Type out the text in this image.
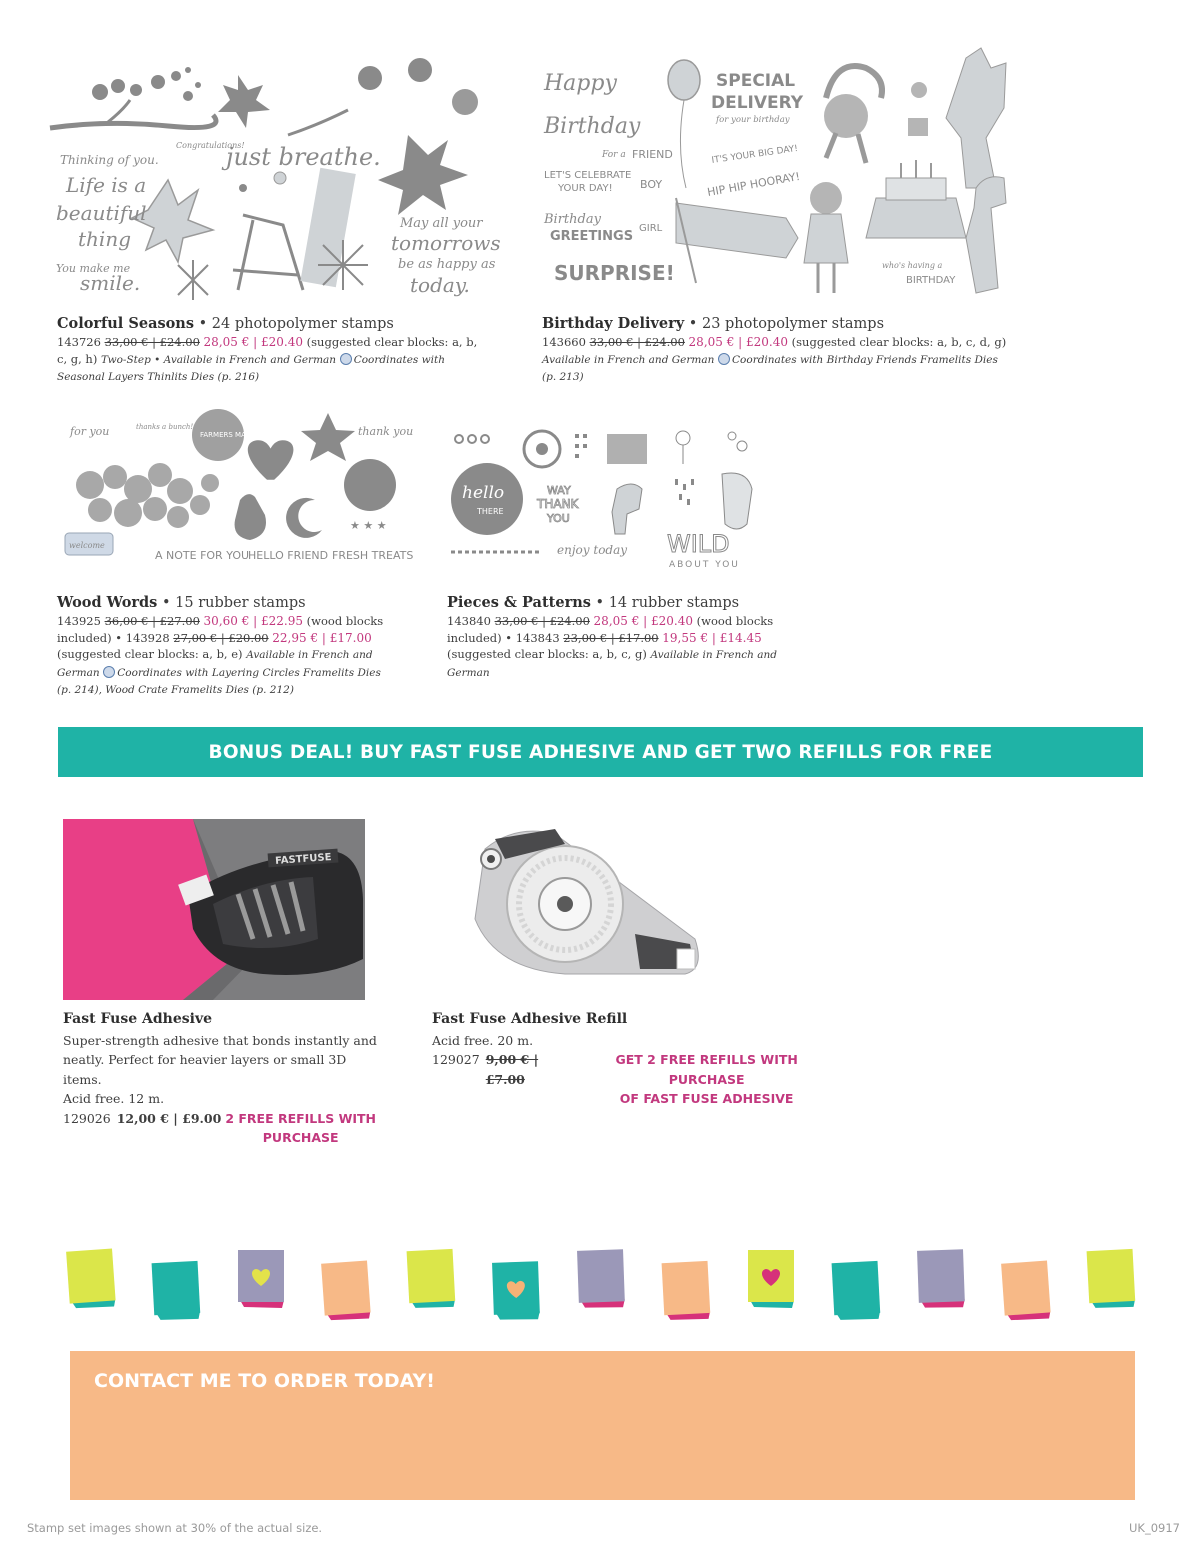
Thinking of you.
Life is a
beautiful
thing
You make me
smile.
Congratulations!
just breathe.
May all your
tomorrows
be as happy as
today.
Happy
Birthday
SPECIAL
DELIVERY
for your birthday
For a FRIEND
LET'S CELEBRATE
YOUR DAY! BOY
IT'S YOUR BIG DAY!
HIP HIP HOORAY!
Birthday
GREETINGS
GIRL
SURPRISE!	who's having a
BIRTHDAY
Colorful Seasons • 24 photopolymer stamps
143726 33,00 € | £24.00 28,05 € | £20.40 (suggested clear blocks: a, b, c, g, h) Two-Step • Available in French and German Coordinates with Seasonal Layers Thinlits Dies (p. 216)
Birthday Delivery • 23 photopolymer stamps
143660 33,00 € | £24.00 28,05 € | £20.40 (suggested clear blocks: a, b, c, d, g) Available in French and German Coordinates with Birthday Friends Framelits Dies (p. 213)
★ ★ ★
for you	thanks a bunch!
FARMERS MARKET	thank you
welcome
A NOTE FOR YOU
HELLO FRIEND FRESH TREATS
hello
THERE
WAY
THANK
YOU
enjoy today WILD
ABOUT YOU
Wood Words • 15 rubber stamps
143925 36,00 € | £27.00 30,60 € | £22.95 (wood blocks included) • 143928 27,00 € | £20.00 22,95 € | £17.00 (suggested clear blocks: a, b, e) Available in French and German Coordinates with Layering Circles Framelits Dies (p. 214), Wood Crate Framelits Dies (p. 212)
Pieces & Patterns • 14 rubber stamps
143840 33,00 € | £24.00 28,05 € | £20.40 (wood blocks included) • 143843 23,00 € | £17.00 19,55 € | £14.45 (suggested clear blocks: a, b, c, g) Available in French and German
BONUS DEAL! BUY FAST FUSE ADHESIVE AND GET TWO REFILLS FOR FREE
FASTFUSE
Fast Fuse Adhesive
Super-strength adhesive that bonds instantly and
neatly. Perfect for heavier layers or small 3D items.
Acid free. 12 m.
129026 12,00 € | £9.00 2 FREE REFILLS WITH
PURCHASE
Fast Fuse Adhesive Refill
Acid free. 20 m.
129027 9,00 € | £7.00
GET 2 FREE REFILLS WITH PURCHASE
OF FAST FUSE ADHESIVE
CONTACT ME TO ORDER TODAY!
Stamp set images shown at 30% of the actual size.	UK_0917
